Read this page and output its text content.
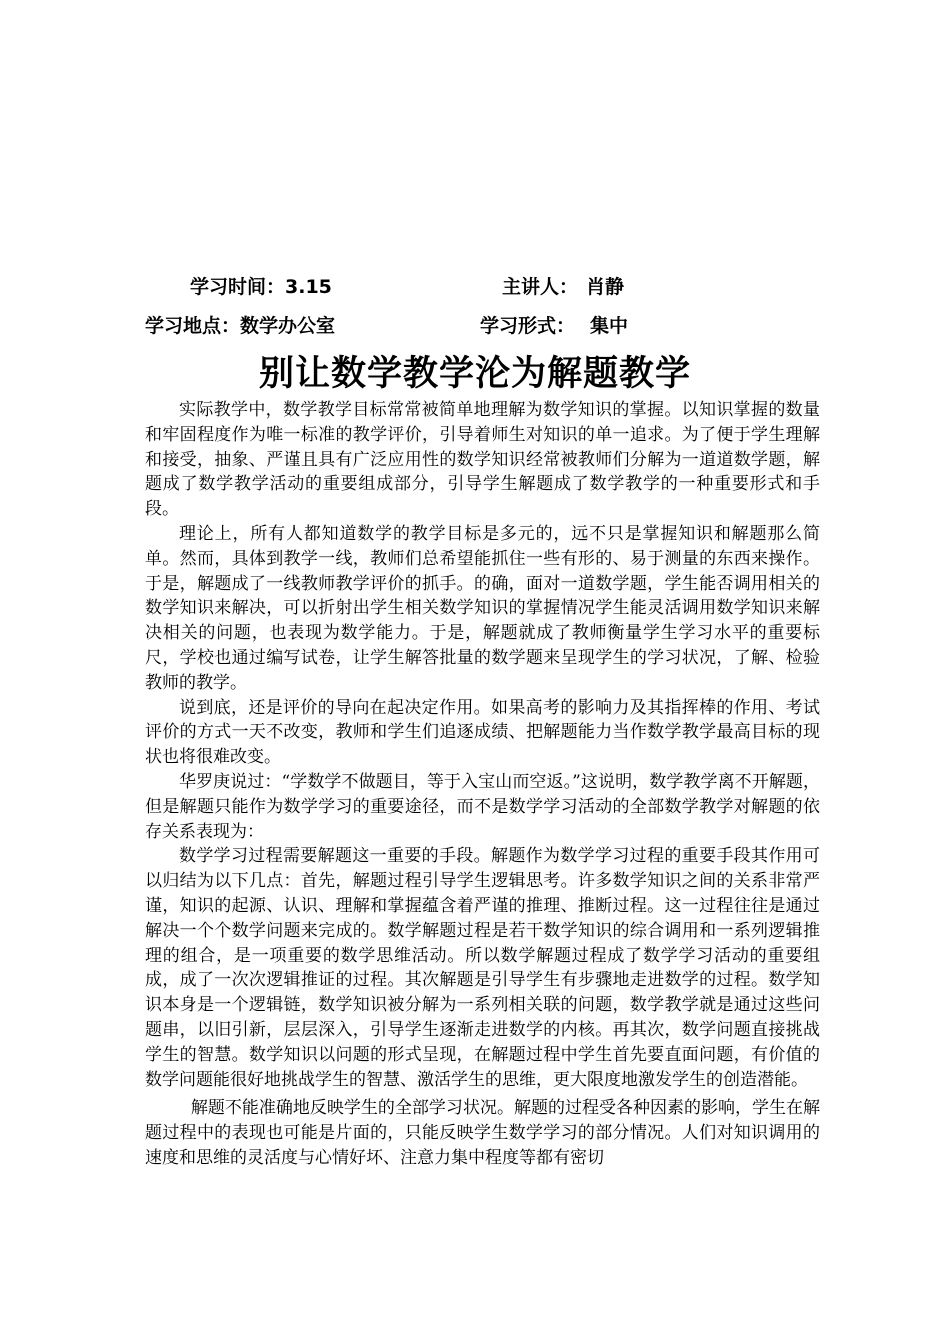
学习时间： 3.15	主讲人： 肖静
学习地点： 数学办公室	学习形式： 集中
别让数学教学沦为解题教学

实际教学中，数学教学目标常常被简单地理解为数学知识的掌握。以知识掌握的数量和牢固程度作为唯一标准的教学评价，引导着师生对知识的单一追求。为了便于学生理解和接受，抽象、严谨且具有广泛应用性的数学知识经常被教师们分解为一道道数学题，解题成了数学教学活动的重要组成部分，引导学生解题成了数学教学的一种重要形式和手段。

理论上，所有人都知道数学的教学目标是多元的，远不只是掌握知识和解题那么简单。然而，具体到教学一线，教师们总希望能抓住一些有形的、易于测量的东西来操作。于是，解题成了一线教师教学评价的抓手。的确，面对一道数学题，学生能否调用相关的数学知识来解决，可以折射出学生相关数学知识的掌握情况学生能灵活调用数学知识来解决相关的问题，也表现为数学能力。于是，解题就成了教师衡量学生学习水平的重要标尺，学校也通过编写试卷，让学生解答批量的数学题来呈现学生的学习状况，了解、检验教师的教学。

说到底，还是评价的导向在起决定作用。如果高考的影响力及其指挥棒的作用、考试评价的方式一天不改变，教师和学生们追逐成绩、把解题能力当作数学教学最高目标的现状也将很难改变。

华罗庚说过：“学数学不做题目，等于入宝山而空返。”这说明，数学教学离不开解题，但是解题只能作为数学学习的重要途径，而不是数学学习活动的全部数学教学对解题的依存关系表现为：

数学学习过程需要解题这一重要的手段。解题作为数学学习过程的重要手段其作用可以归结为以下几点：首先，解题过程引导学生逻辑思考。许多数学知识之间的关系非常严谨，知识的起源、认识、理解和掌握蕴含着严谨的推理、推断过程。这一过程往往是通过解决一个个数学问题来完成的。数学解题过程是若干数学知识的综合调用和一系列逻辑推理的组合，是一项重要的数学思维活动。所以数学解题过程成了数学学习活动的重要组成，成了一次次逻辑推证的过程。其次解题是引导学生有步骤地走进数学的过程。数学知识本身是一个逻辑链，数学知识被分解为一系列相关联的问题，数学教学就是通过这些问题串，以旧引新，层层深入，引导学生逐渐走进数学的内核。再其次，数学问题直接挑战学生的智慧。数学知识以问题的形式呈现，在解题过程中学生首先要直面问题，有价值的数学问题能很好地挑战学生的智慧、激活学生的思维，更大限度地激发学生的创造潜能。

解题不能准确地反映学生的全部学习状况。解题的过程受各种因素的影响，学生在解题过程中的表现也可能是片面的，只能反映学生数学学习的部分情况。人们对知识调用的速度和思维的灵活度与心情好坏、注意力集中程度等都有密切
